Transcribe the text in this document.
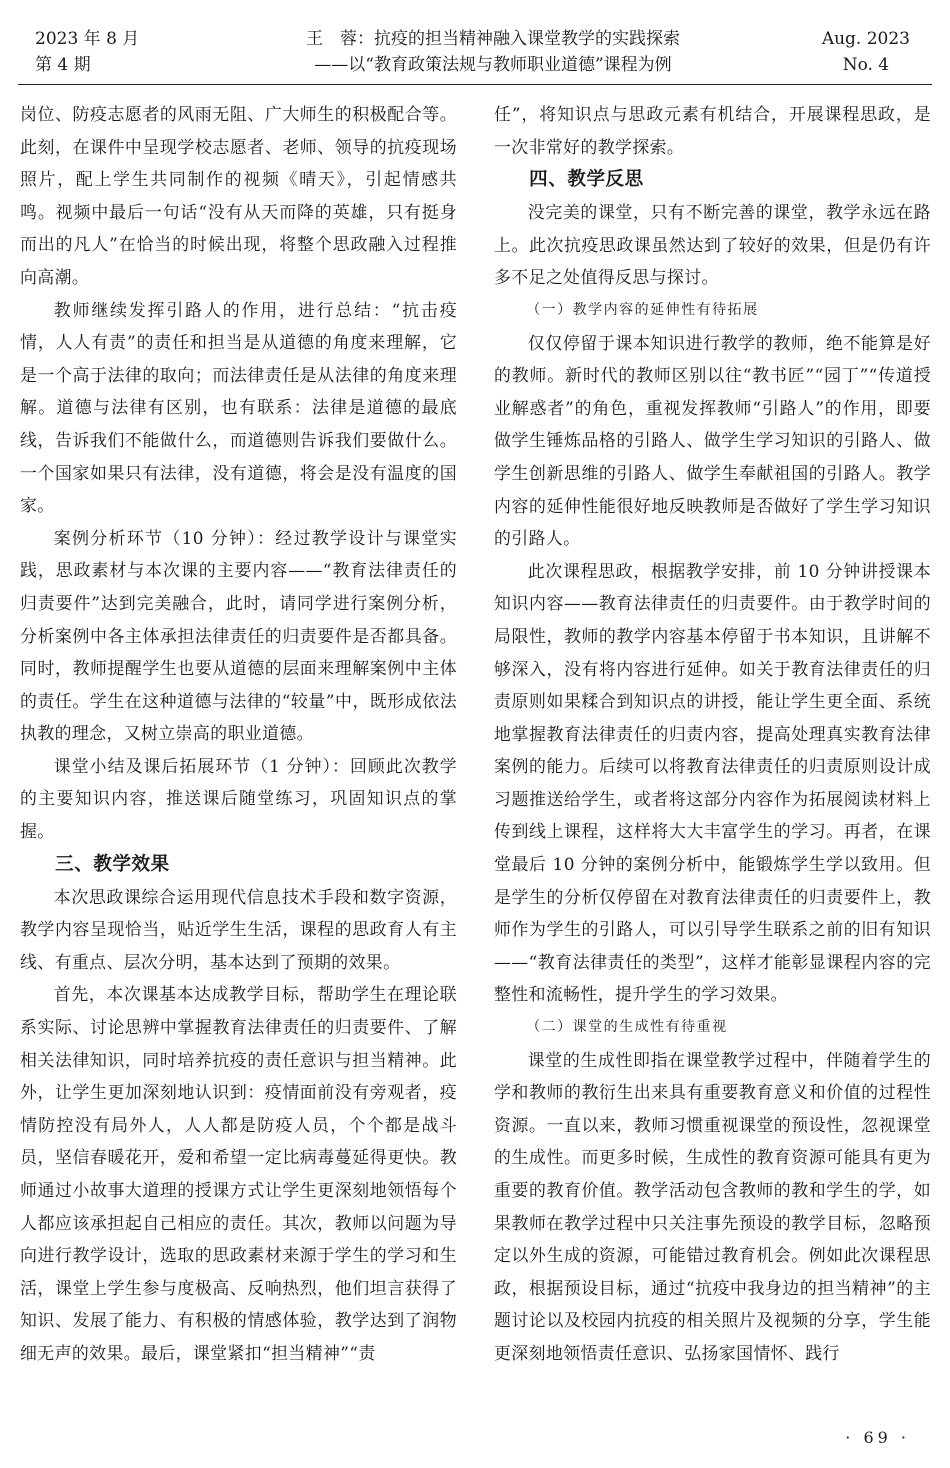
2023 年 8 月
第 4 期
王　蓉：抗疫的担当精神融入课堂教学的实践探索
——以“教育政策法规与教师职业道德”课程为例
Aug. 2023
No. 4

岗位、防疫志愿者的风雨无阻、广大师生的积极配合等。此刻，在课件中呈现学校志愿者、老师、领导的抗疫现场照片，配上学生共同制作的视频《晴天》，引起情感共鸣。视频中最后一句话“没有从天而降的英雄，只有挺身而出的凡人”在恰当的时候出现，将整个思政融入过程推向高潮。

教师继续发挥引路人的作用，进行总结：“抗击疫情，人人有责”的责任和担当是从道德的角度来理解，它是一个高于法律的取向；而法律责任是从法律的角度来理解。道德与法律有区别，也有联系：法律是道德的最底线，告诉我们不能做什么，而道德则告诉我们要做什么。一个国家如果只有法律，没有道德，将会是没有温度的国家。

案例分析环节（10 分钟）：经过教学设计与课堂实践，思政素材与本次课的主要内容——“教育法律责任的归责要件”达到完美融合，此时，请同学进行案例分析，分析案例中各主体承担法律责任的归责要件是否都具备。同时，教师提醒学生也要从道德的层面来理解案例中主体的责任。学生在这种道德与法律的“较量”中，既形成依法执教的理念，又树立崇高的职业道德。

课堂小结及课后拓展环节（1 分钟）：回顾此次教学的主要知识内容，推送课后随堂练习，巩固知识点的掌握。

三、教学效果

本次思政课综合运用现代信息技术手段和数字资源，教学内容呈现恰当，贴近学生生活，课程的思政育人有主线、有重点、层次分明，基本达到了预期的效果。

首先，本次课基本达成教学目标，帮助学生在理论联系实际、讨论思辨中掌握教育法律责任的归责要件、了解相关法律知识，同时培养抗疫的责任意识与担当精神。此外，让学生更加深刻地认识到：疫情面前没有旁观者，疫情防控没有局外人，人人都是防疫人员，个个都是战斗员，坚信春暖花开，爱和希望一定比病毒蔓延得更快。教师通过小故事大道理的授课方式让学生更深刻地领悟每个人都应该承担起自己相应的责任。其次，教师以问题为导向进行教学设计，选取的思政素材来源于学生的学习和生活，课堂上学生参与度极高、反响热烈，他们坦言获得了知识、发展了能力、有积极的情感体验，教学达到了润物细无声的效果。最后，课堂紧扣“担当精神”“责

任”，将知识点与思政元素有机结合，开展课程思政，是一次非常好的教学探索。

四、教学反思

没完美的课堂，只有不断完善的课堂，教学永远在路上。此次抗疫思政课虽然达到了较好的效果，但是仍有许多不足之处值得反思与探讨。

（一）教学内容的延伸性有待拓展

仅仅停留于课本知识进行教学的教师，绝不能算是好的教师。新时代的教师区别以往“教书匠”“园丁”“传道授业解惑者”的角色，重视发挥教师“引路人”的作用，即要做学生锤炼品格的引路人、做学生学习知识的引路人、做学生创新思维的引路人、做学生奉献祖国的引路人。教学内容的延伸性能很好地反映教师是否做好了学生学习知识的引路人。

此次课程思政，根据教学安排，前 10 分钟讲授课本知识内容——教育法律责任的归责要件。由于教学时间的局限性，教师的教学内容基本停留于书本知识，且讲解不够深入，没有将内容进行延伸。如关于教育法律责任的归责原则如果糅合到知识点的讲授，能让学生更全面、系统地掌握教育法律责任的归责内容，提高处理真实教育法律案例的能力。后续可以将教育法律责任的归责原则设计成习题推送给学生，或者将这部分内容作为拓展阅读材料上传到线上课程，这样将大大丰富学生的学习。再者，在课堂最后 10 分钟的案例分析中，能锻炼学生学以致用。但是学生的分析仅停留在对教育法律责任的归责要件上，教师作为学生的引路人，可以引导学生联系之前的旧有知识——“教育法律责任的类型”，这样才能彰显课程内容的完整性和流畅性，提升学生的学习效果。

（二）课堂的生成性有待重视

课堂的生成性即指在课堂教学过程中，伴随着学生的学和教师的教衍生出来具有重要教育意义和价值的过程性资源。一直以来，教师习惯重视课堂的预设性，忽视课堂的生成性。而更多时候，生成性的教育资源可能具有更为重要的教育价值。教学活动包含教师的教和学生的学，如果教师在教学过程中只关注事先预设的教学目标，忽略预定以外生成的资源，可能错过教育机会。例如此次课程思政，根据预设目标，通过“抗疫中我身边的担当精神”的主题讨论以及校园内抗疫的相关照片及视频的分享，学生能更深刻地领悟责任意识、弘扬家国情怀、践行

· 69 ·
